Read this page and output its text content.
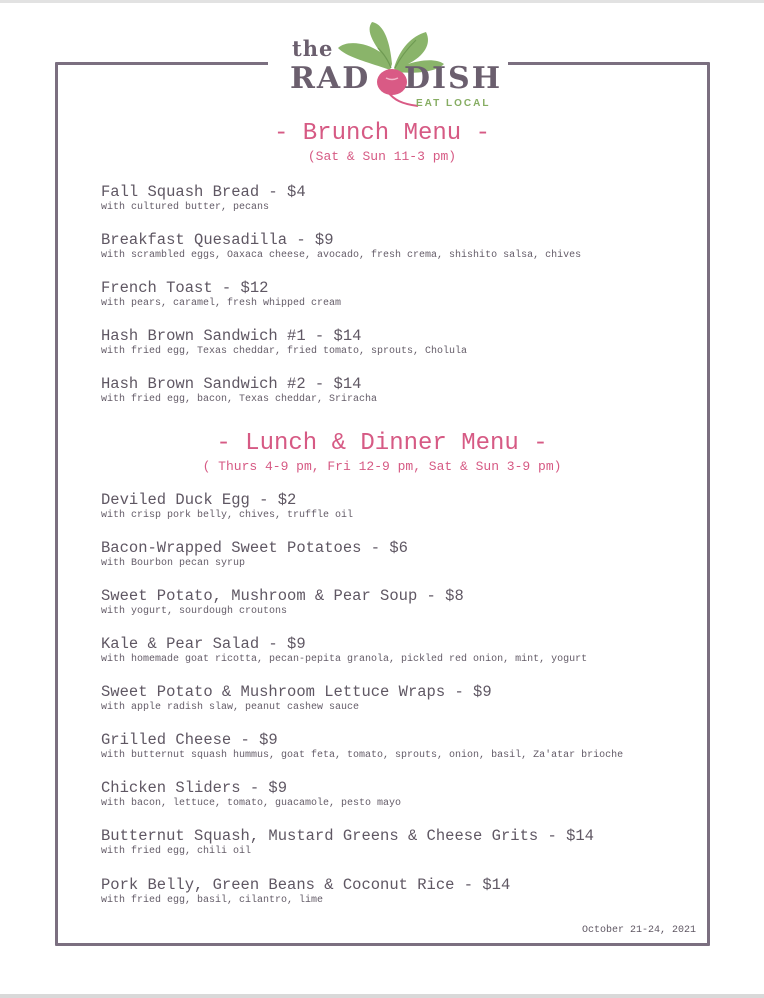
the
RAD DISH
EAT LOCAL
- Brunch Menu -
(Sat & Sun 11-3 pm)
Fall Squash Bread - $4
with cultured butter, pecans
Breakfast Quesadilla - $9
with scrambled eggs, Oaxaca cheese, avocado, fresh crema, shishito salsa, chives
French Toast - $12
with pears, caramel, fresh whipped cream
Hash Brown Sandwich #1 - $14
with fried egg, Texas cheddar, fried tomato, sprouts, Cholula
Hash Brown Sandwich #2 - $14
with fried egg, bacon, Texas cheddar, Sriracha
- Lunch & Dinner Menu -
( Thurs 4-9 pm, Fri 12-9 pm, Sat & Sun 3-9 pm)
Deviled Duck Egg - $2
with crisp pork belly, chives, truffle oil
Bacon-Wrapped Sweet Potatoes - $6
with Bourbon pecan syrup
Sweet Potato, Mushroom & Pear Soup - $8
with yogurt, sourdough croutons
Kale & Pear Salad - $9
with homemade goat ricotta, pecan-pepita granola, pickled red onion, mint, yogurt
Sweet Potato & Mushroom Lettuce Wraps - $9
with apple radish slaw, peanut cashew sauce
Grilled Cheese - $9
with butternut squash hummus, goat feta, tomato, sprouts, onion, basil, Za'atar brioche
Chicken Sliders - $9
with bacon, lettuce, tomato, guacamole, pesto mayo
Butternut Squash, Mustard Greens & Cheese Grits - $14
with fried egg, chili oil
Pork Belly, Green Beans & Coconut Rice - $14
with fried egg, basil, cilantro, lime
October 21-24, 2021
